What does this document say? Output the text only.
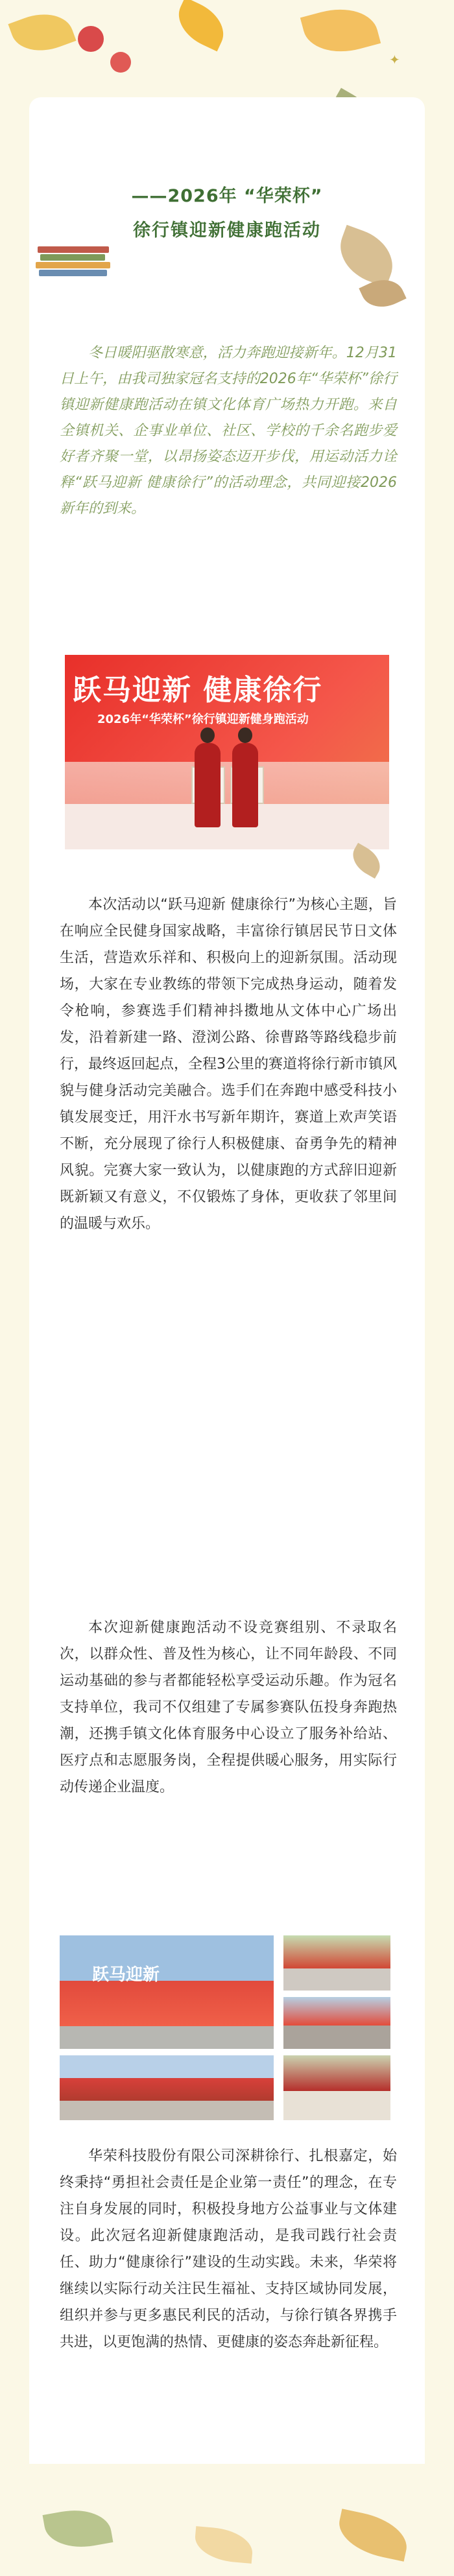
✦
——2026年 “华荣杯”
徐行镇迎新健康跑活动

冬日暖阳驱散寒意，活力奔跑迎接新年。12月31日上午，由我司独家冠名支持的2026年“华荣杯”徐行镇迎新健康跑活动在镇文化体育广场热力开跑。来自全镇机关、企事业单位、社区、学校的千余名跑步爱好者齐聚一堂，以昂扬姿态迈开步伐，用运动活力诠释“跃马迎新 健康徐行”的活动理念，共同迎接2026新年的到来。

跃马迎新 健康徐行
2026年“华荣杯”徐行镇迎新健身跑活动

本次活动以“跃马迎新 健康徐行”为核心主题，旨在响应全民健身国家战略，丰富徐行镇居民节日文体生活，营造欢乐祥和、积极向上的迎新氛围。活动现场，大家在专业教练的带领下完成热身运动，随着发令枪响，参赛选手们精神抖擞地从文体中心广场出发，沿着新建一路、澄浏公路、徐曹路等路线稳步前行，最终返回起点，全程3公里的赛道将徐行新市镇风貌与健身活动完美融合。选手们在奔跑中感受科技小镇发展变迁，用汗水书写新年期许，赛道上欢声笑语不断，充分展现了徐行人积极健康、奋勇争先的精神风貌。完赛大家一致认为，以健康跑的方式辞旧迎新既新颖又有意义，不仅锻炼了身体，更收获了邻里间的温暖与欢乐。

本次迎新健康跑活动不设竞赛组别、不录取名次，以群众性、普及性为核心，让不同年龄段、不同运动基础的参与者都能轻松享受运动乐趣。作为冠名支持单位，我司不仅组建了专属参赛队伍投身奔跑热潮，还携手镇文化体育服务中心设立了服务补给站、医疗点和志愿服务岗，全程提供暖心服务，用实际行动传递企业温度。

跃马迎新

华荣科技股份有限公司深耕徐行、扎根嘉定，始终秉持“勇担社会责任是企业第一责任”的理念，在专注自身发展的同时，积极投身地方公益事业与文体建设。此次冠名迎新健康跑活动，是我司践行社会责任、助力“健康徐行”建设的生动实践。未来，华荣将继续以实际行动关注民生福祉、支持区域协同发展，组织并参与更多惠民利民的活动，与徐行镇各界携手共进，以更饱满的热情、更健康的姿态奔赴新征程。
